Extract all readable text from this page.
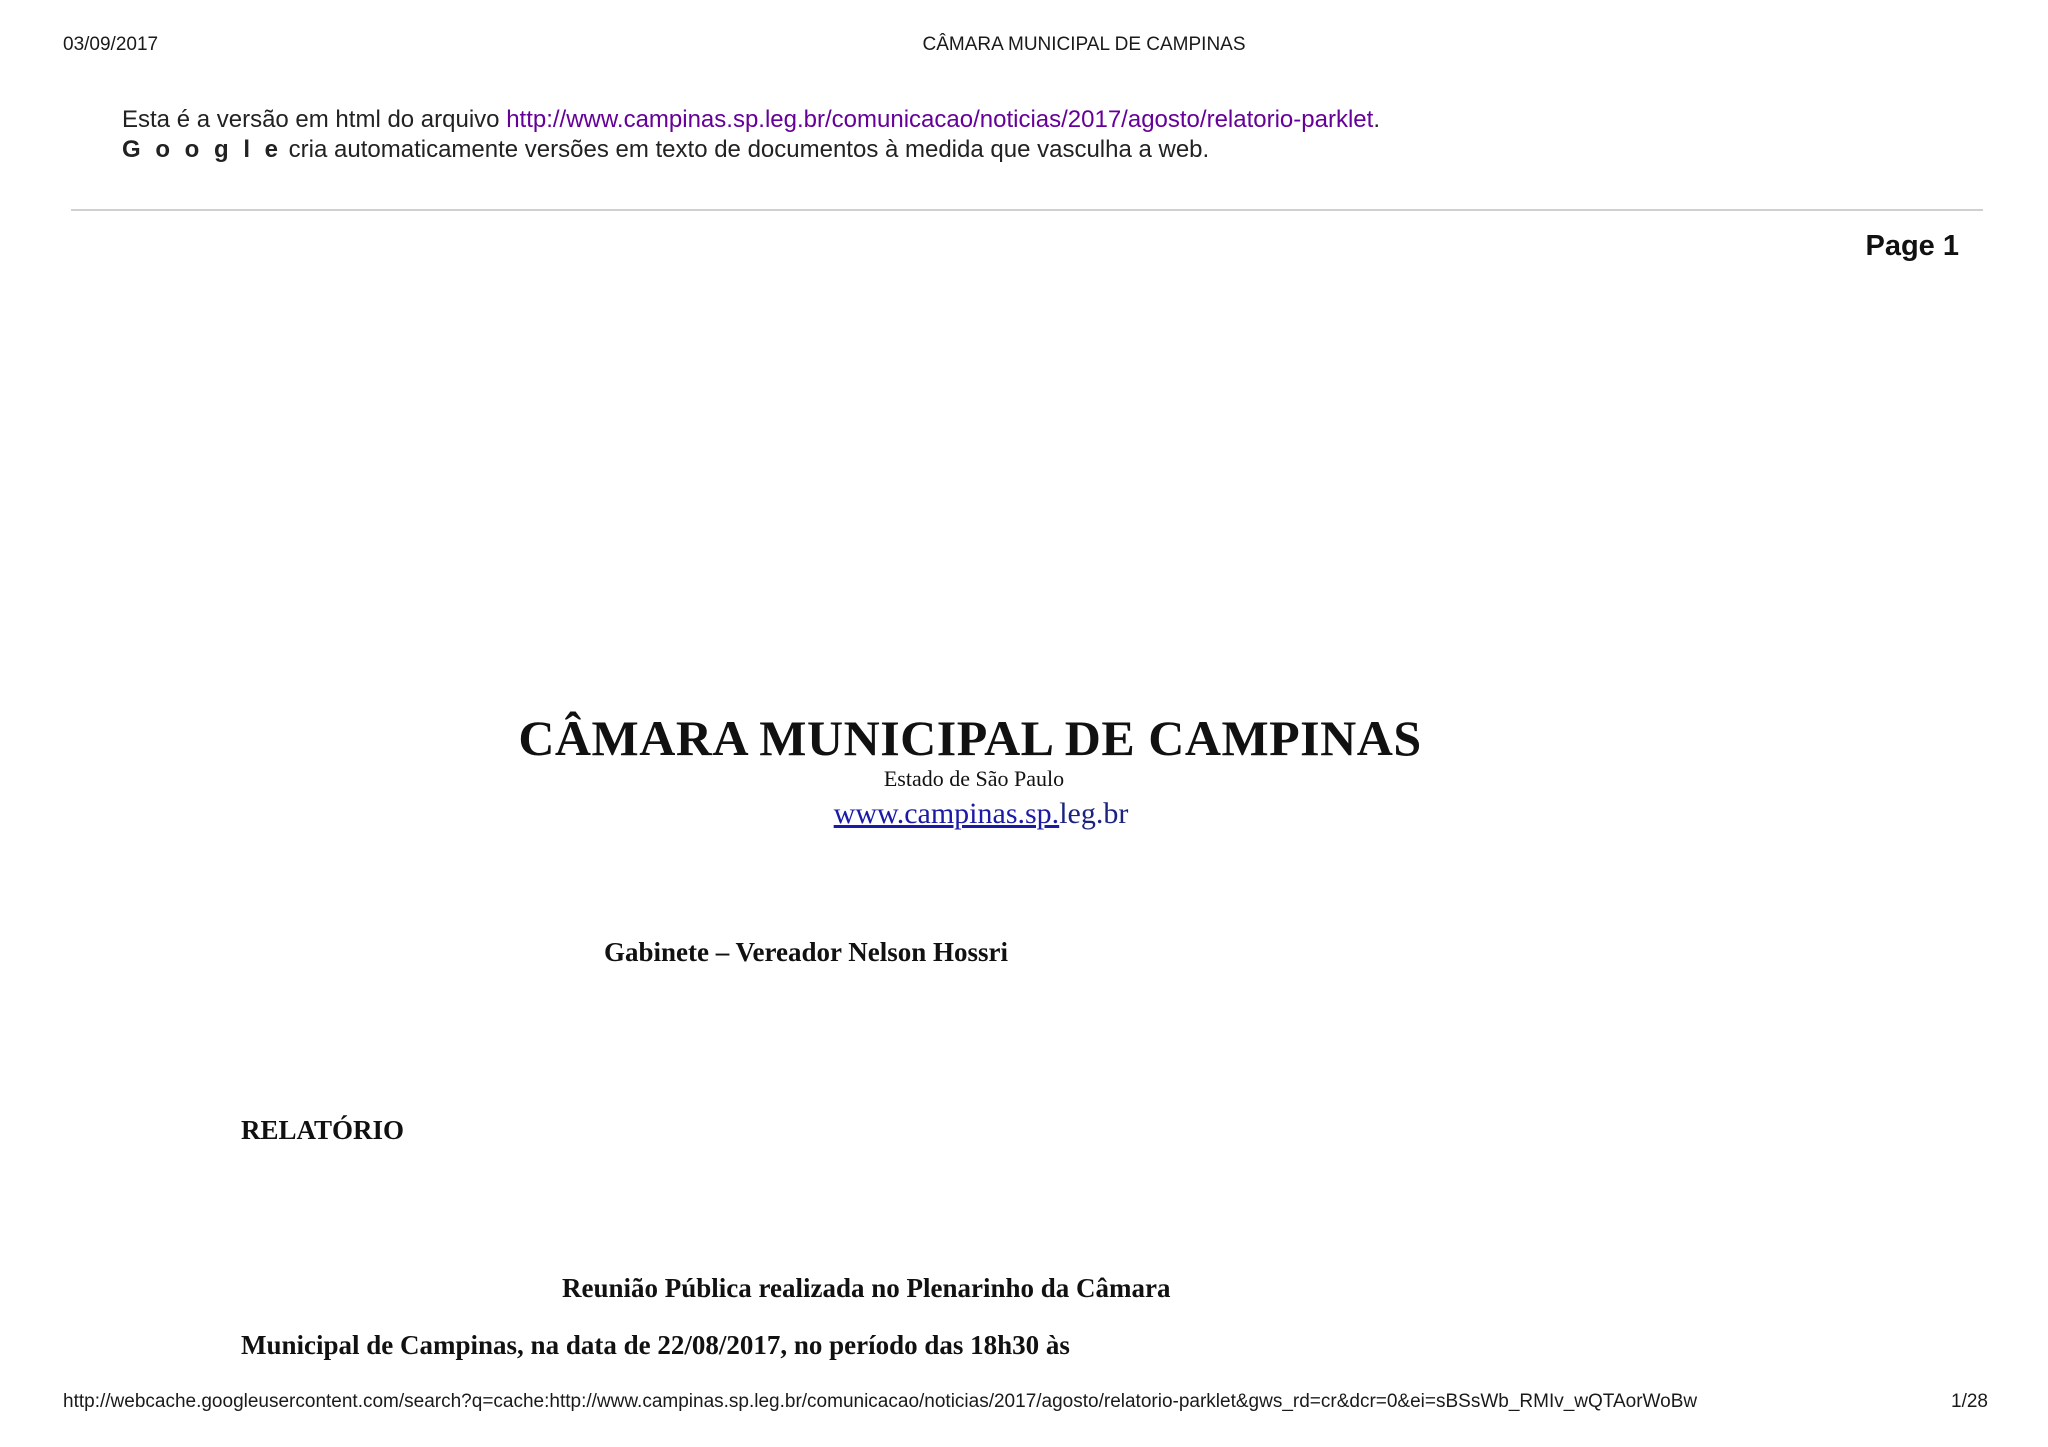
03/09/2017	CÂMARA MUNICIPAL DE CAMPINAS
Esta é a versão em html do arquivo http://www.campinas.sp.leg.br/comunicacao/noticias/2017/agosto/relatorio-parklet.
G o o g l e cria automaticamente versões em texto de documentos à medida que vasculha a web.
Page 1
CÂMARA MUNICIPAL DE CAMPINAS
Estado de São Paulo
www.campinas.sp.leg.br
Gabinete – Vereador Nelson Hossri
RELATÓRIO
Reunião Pública realizada no Plenarinho da Câmara
Municipal de Campinas, na data de 22/08/2017, no período das 18h30 às
http://webcache.googleusercontent.com/search?q=cache:http://www.campinas.sp.leg.br/comunicacao/noticias/2017/agosto/relatorio-parklet&gws_rd=cr&dcr=0&ei=sBSsWb_RMIv_wQTAorWoBw	1/28
